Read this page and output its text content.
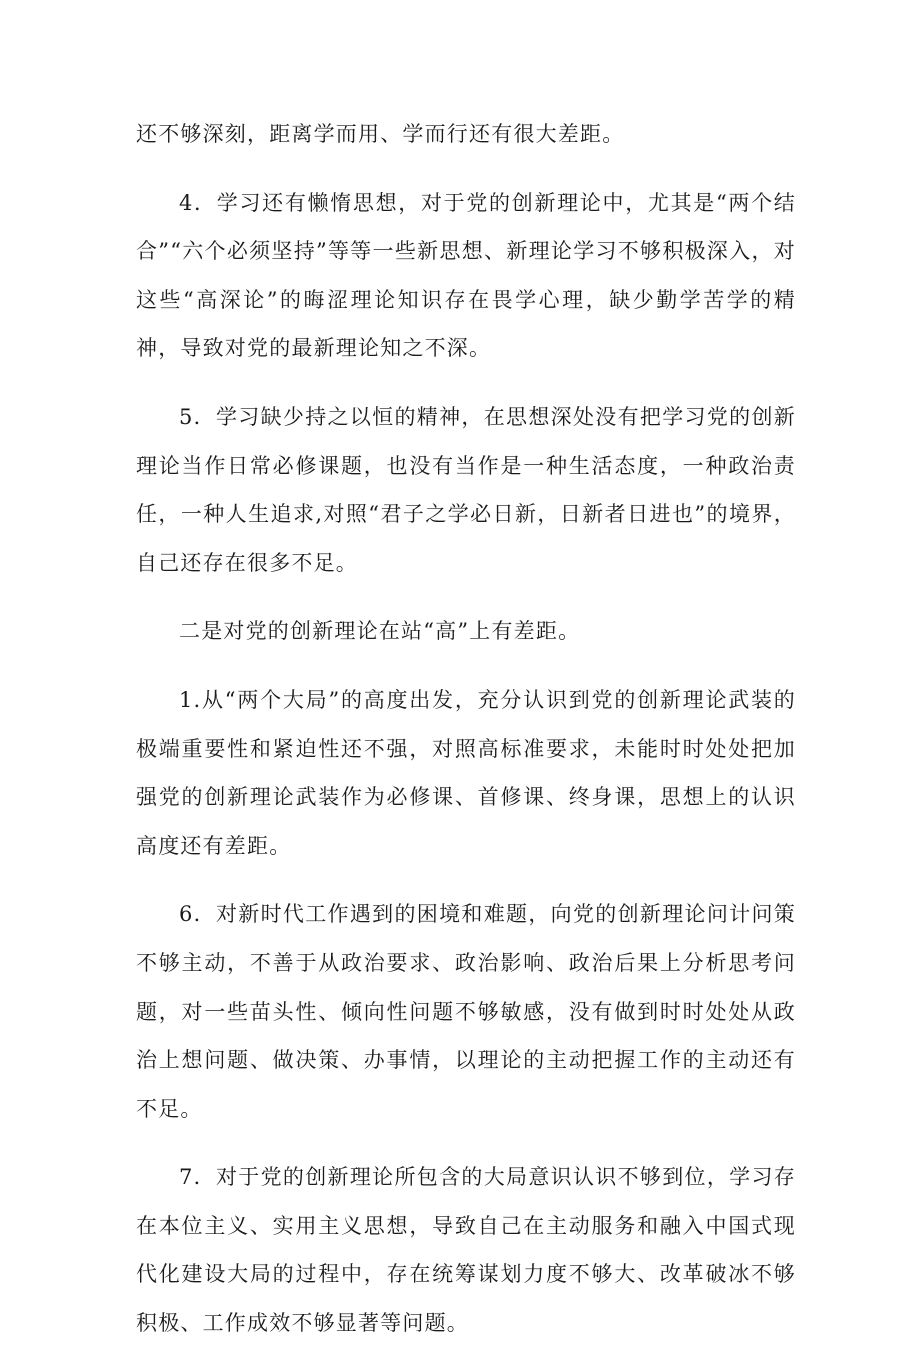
还不够深刻，距离学而用、学而行还有很大差距。

4．学习还有懒惰思想，对于党的创新理论中，尤其是“两个结合”“六个必须坚持”等等一些新思想、新理论学习不够积极深入，对这些“高深论”的晦涩理论知识存在畏学心理，缺少勤学苦学的精神，导致对党的最新理论知之不深。

5．学习缺少持之以恒的精神，在思想深处没有把学习党的创新理论当作日常必修课题，也没有当作是一种生活态度，一种政治责任，一种人生追求,对照“君子之学必日新，日新者日进也”的境界，自己还存在很多不足。

二是对党的创新理论在站“高”上有差距。

1.从“两个大局”的高度出发，充分认识到党的创新理论武装的极端重要性和紧迫性还不强，对照高标准要求，未能时时处处把加强党的创新理论武装作为必修课、首修课、终身课，思想上的认识高度还有差距。

6．对新时代工作遇到的困境和难题，向党的创新理论问计问策不够主动，不善于从政治要求、政治影响、政治后果上分析思考问题，对一些苗头性、倾向性问题不够敏感，没有做到时时处处从政治上想问题、做决策、办事情，以理论的主动把握工作的主动还有不足。

7．对于党的创新理论所包含的大局意识认识不够到位，学习存在本位主义、实用主义思想，导致自己在主动服务和融入中国式现代化建设大局的过程中，存在统筹谋划力度不够大、改革破冰不够积极、工作成效不够显著等问题。
